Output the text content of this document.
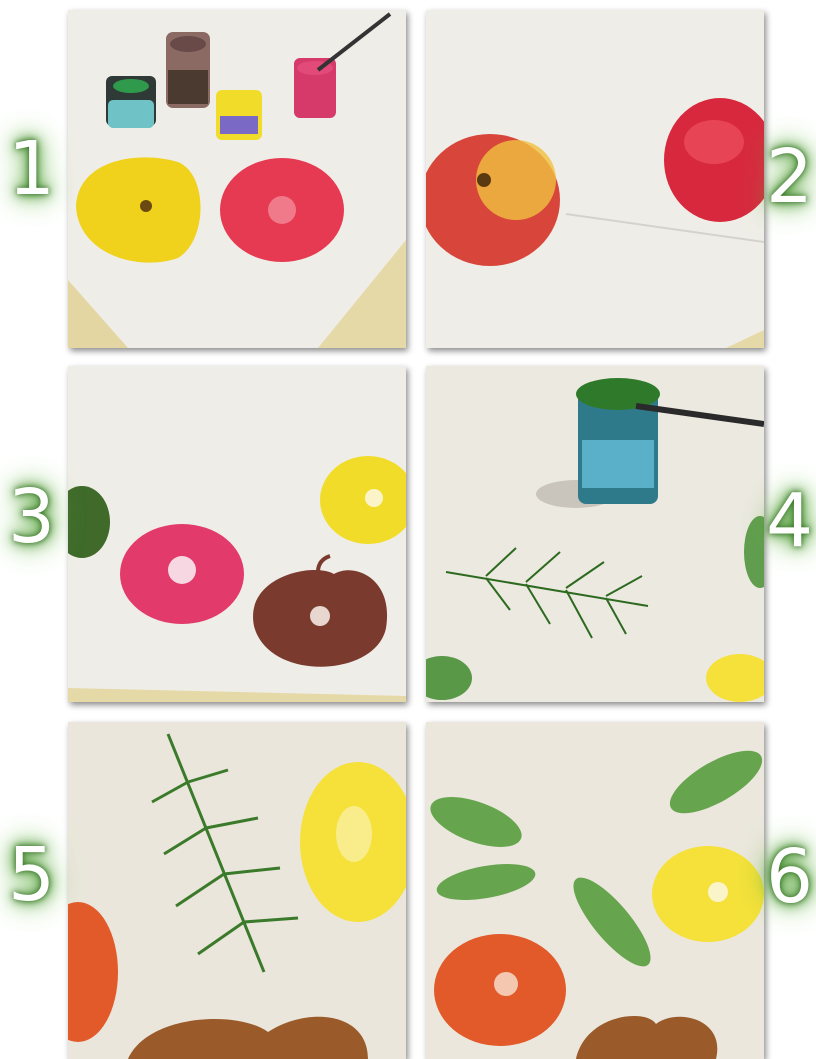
1	2
3	4
5	6
